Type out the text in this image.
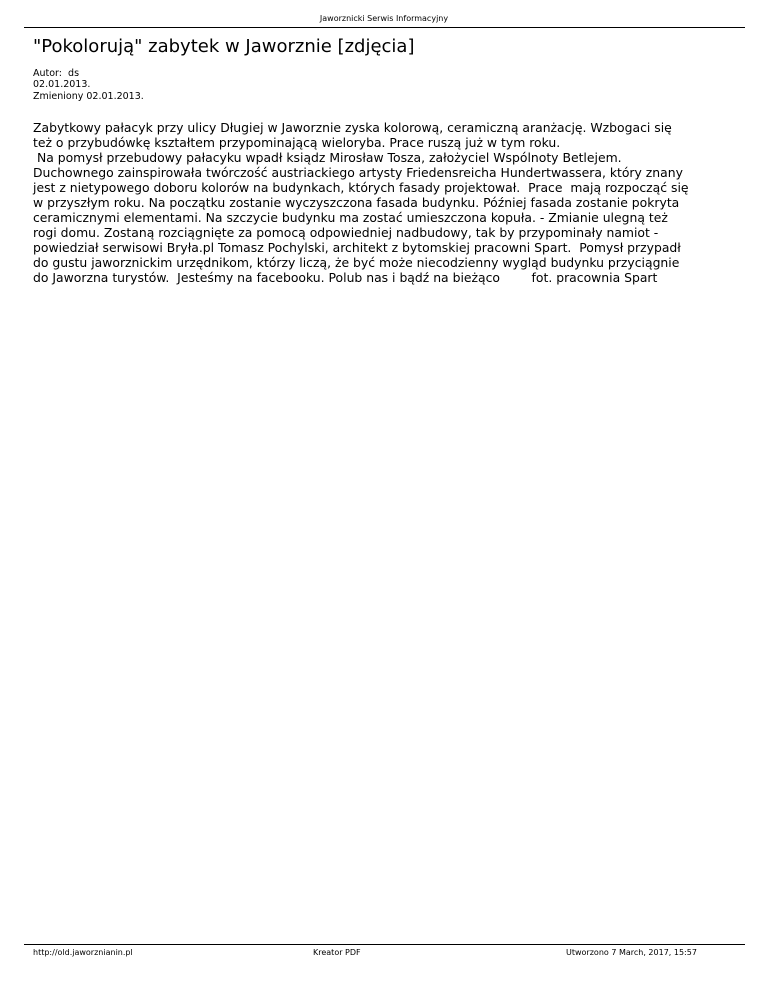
Jaworznicki Serwis Informacyjny
"Pokolorują" zabytek w Jaworznie [zdjęcia]
Autor:  ds
02.01.2013.
Zmieniony 02.01.2013.
Zabytkowy pałacyk przy ulicy Długiej w Jaworznie zyska kolorową, ceramiczną aranżację. Wzbogaci się
też o przybudówkę kształtem przypominającą wieloryba. Prace ruszą już w tym roku.
Na pomysł przebudowy pałacyku wpadł ksiądz Mirosław Tosza, założyciel Wspólnoty Betlejem.
Duchownego zainspirowała twórczość austriackiego artysty Friedensreicha Hundertwassera, który znany
jest z nietypowego doboru kolorów na budynkach, których fasady projektował.  Prace  mają rozpocząć się
w przyszłym roku. Na początku zostanie wyczyszczona fasada budynku. Później fasada zostanie pokryta
ceramicznymi elementami. Na szczycie budynku ma zostać umieszczona kopuła. - Zmianie ulegną też
rogi domu. Zostaną rozciągnięte za pomocą odpowiedniej nadbudowy, tak by przypominały namiot -
powiedział serwisowi Bryła.pl Tomasz Pochylski, architekt z bytomskiej pracowni Spart.  Pomysł przypadł
do gustu jaworznickim urzędnikom, którzy liczą, że być może niecodzienny wygląd budynku przyciągnie
do Jaworzna turystów.  Jesteśmy na facebooku. Polub nas i bądź na bieżąco        fot. pracownia Spart
http://old.jaworznianin.pl	Kreator PDF	Utworzono 7 March, 2017, 15:57
